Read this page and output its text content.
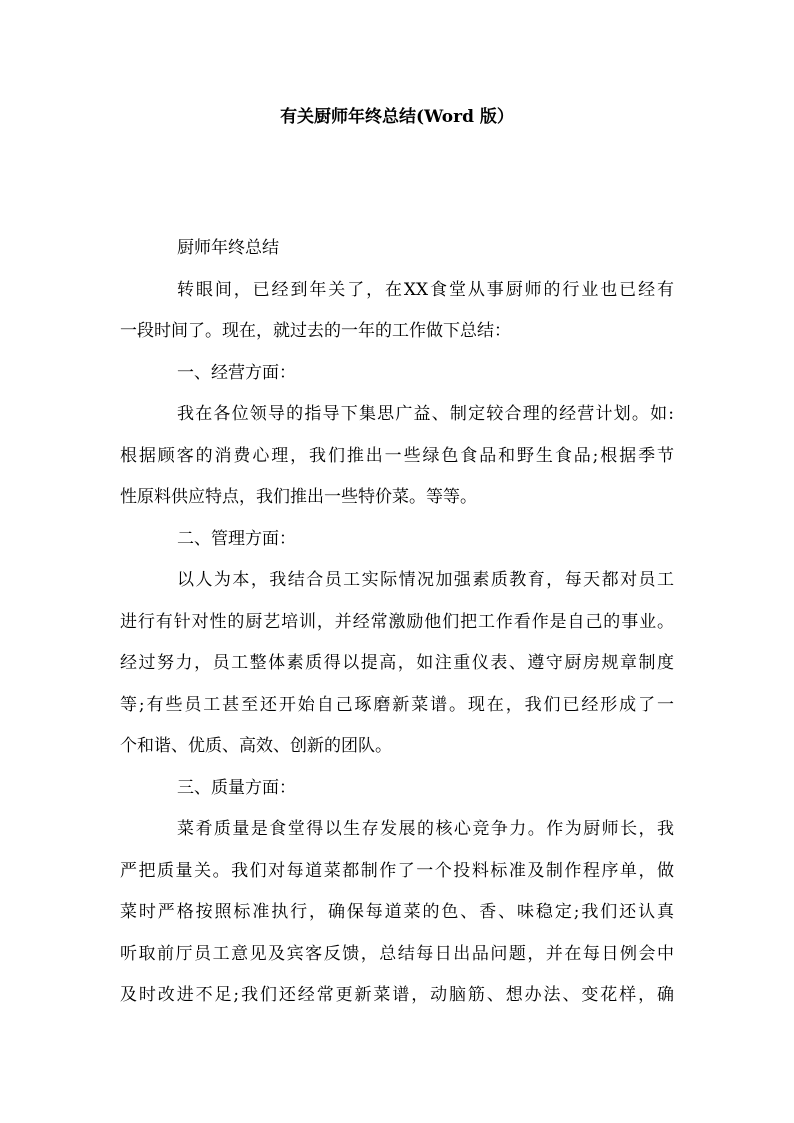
有关厨师年终总结(Word 版）
厨师年终总结
转眼间，已经到年关了，在XX食堂从事厨师的行业也已经有
一段时间了。现在，就过去的一年的工作做下总结：
一、经营方面：
我在各位领导的指导下集思广益、制定较合理的经营计划。如:
根据顾客的消费心理，我们推出一些绿色食品和野生食品;根据季节
性原料供应特点，我们推出一些特价菜。等等。
二、管理方面：
以人为本，我结合员工实际情况加强素质教育，每天都对员工
进行有针对性的厨艺培训，并经常激励他们把工作看作是自己的事业。
经过努力，员工整体素质得以提高，如注重仪表、遵守厨房规章制度
等;有些员工甚至还开始自己琢磨新菜谱。现在，我们已经形成了一
个和谐、优质、高效、创新的团队。
三、质量方面：
菜肴质量是食堂得以生存发展的核心竞争力。作为厨师长，我
严把质量关。我们对每道菜都制作了一个投料标准及制作程序单，做
菜时严格按照标准执行，确保每道菜的色、香、味稳定;我们还认真
听取前厅员工意见及宾客反馈，总结每日出品问题，并在每日例会中
及时改进不足;我们还经常更新菜谱，动脑筋、想办法、变花样，确
